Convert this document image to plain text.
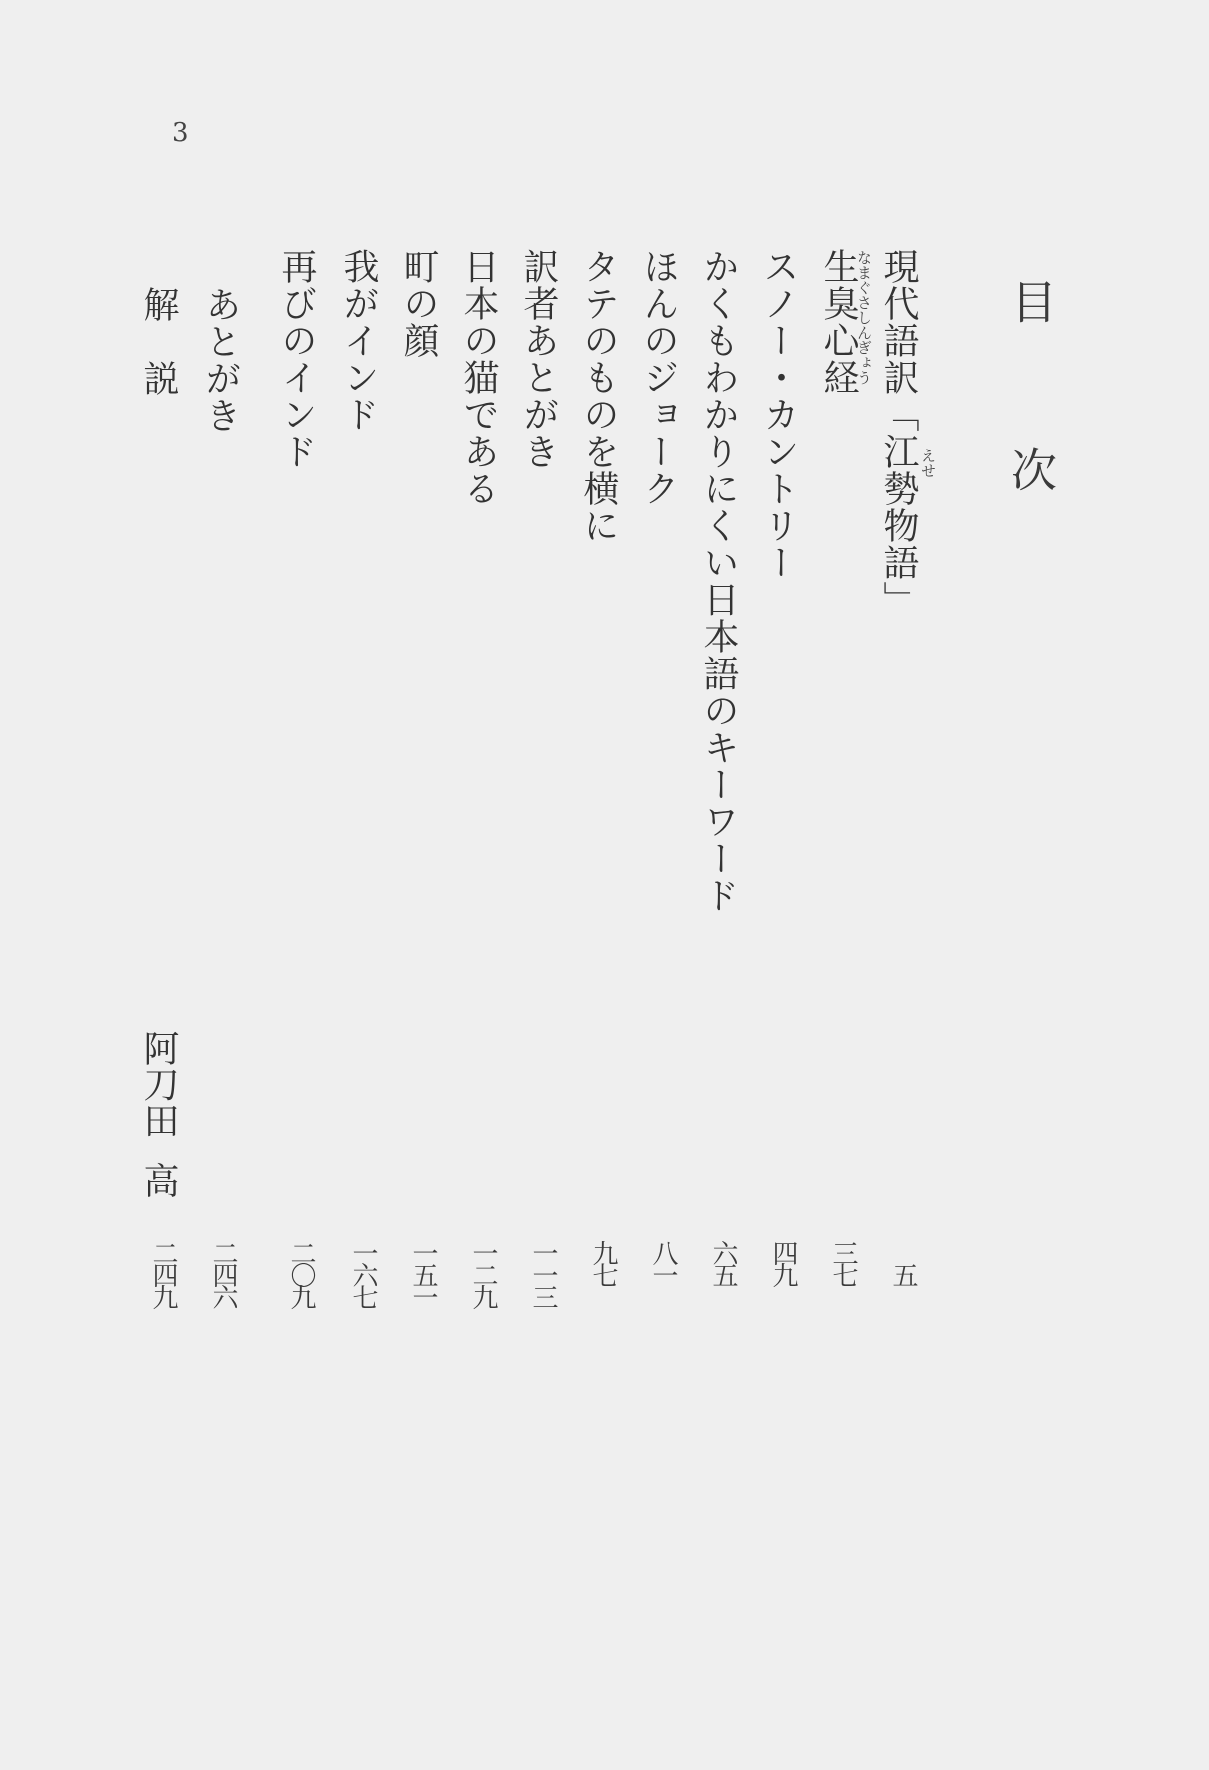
3
目　次
現代語訳「江勢物語」 えせ
生臭心経
なまぐさしんぎょう
スノー・カントリー
かくもわかりにくい日本語のキーワード
ほんのジョーク
タテのものを横に
訳者あとがき
日本の猫である
町の顔
我がインド
再びのインド
あとがき
解　説
阿刀田高
五
三七
四九
六五
八一
九七
一一三
一二九
一五一
一六七
二〇九
二四六
二四九
